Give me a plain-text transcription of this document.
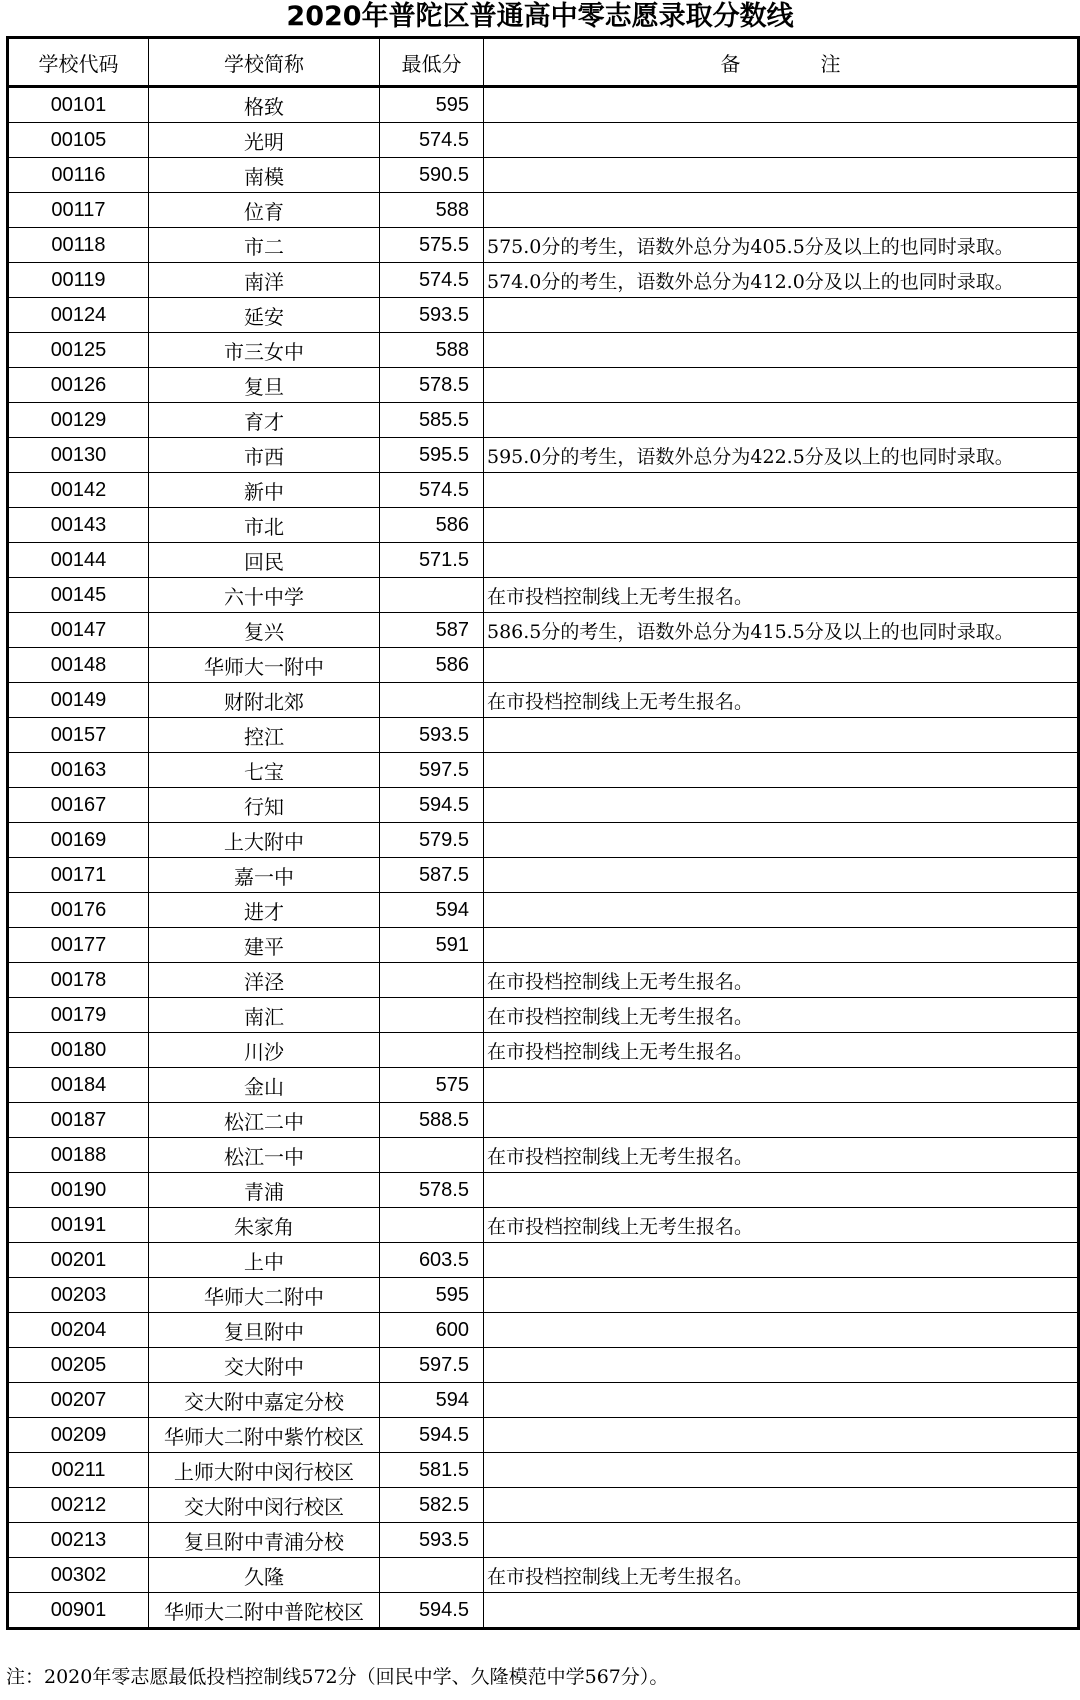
2020年普陀区普通高中零志愿录取分数线
学校代码	学校简称	最低分	备　　　　注
00101	格致	595	
00105	光明	574.5	
00116	南模	590.5	
00117	位育	588	
00118	市二	575.5	575.0分的考生，语数外总分为405.5分及以上的也同时录取。
00119	南洋	574.5	574.0分的考生，语数外总分为412.0分及以上的也同时录取。
00124	延安	593.5	
00125	市三女中	588	
00126	复旦	578.5	
00129	育才	585.5	
00130	市西	595.5	595.0分的考生，语数外总分为422.5分及以上的也同时录取。
00142	新中	574.5	
00143	市北	586	
00144	回民	571.5	
00145	六十中学		在市投档控制线上无考生报名。
00147	复兴	587	586.5分的考生，语数外总分为415.5分及以上的也同时录取。
00148	华师大一附中	586	
00149	财附北郊		在市投档控制线上无考生报名。
00157	控江	593.5	
00163	七宝	597.5	
00167	行知	594.5	
00169	上大附中	579.5	
00171	嘉一中	587.5	
00176	进才	594	
00177	建平	591	
00178	洋泾		在市投档控制线上无考生报名。
00179	南汇		在市投档控制线上无考生报名。
00180	川沙		在市投档控制线上无考生报名。
00184	金山	575	
00187	松江二中	588.5	
00188	松江一中		在市投档控制线上无考生报名。
00190	青浦	578.5	
00191	朱家角		在市投档控制线上无考生报名。
00201	上中	603.5	
00203	华师大二附中	595	
00204	复旦附中	600	
00205	交大附中	597.5	
00207	交大附中嘉定分校	594	
00209	华师大二附中紫竹校区	594.5	
00211	上师大附中闵行校区	581.5	
00212	交大附中闵行校区	582.5	
00213	复旦附中青浦分校	593.5	
00302	久隆		在市投档控制线上无考生报名。
00901	华师大二附中普陀校区	594.5	
注：2020年零志愿最低投档控制线572分（回民中学、久隆模范中学567分）。
